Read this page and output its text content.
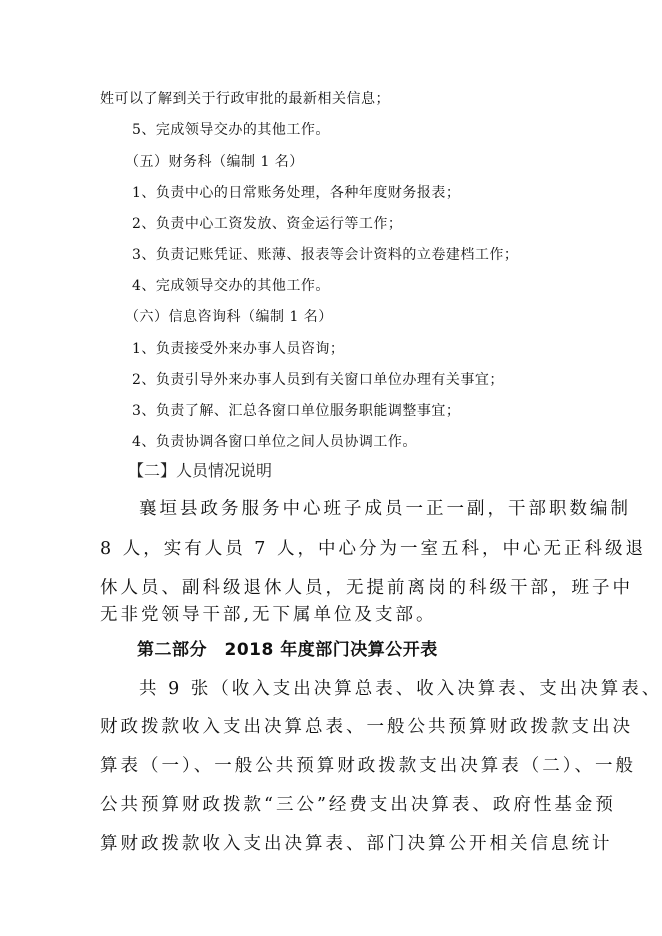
姓可以了解到关于行政审批的最新相关信息；

5、完成领导交办的其他工作。

（五）财务科（编制 1 名）

1、负责中心的日常账务处理，各种年度财务报表；

2、负责中心工资发放、资金运行等工作；

3、负责记账凭证、账薄、报表等会计资料的立卷建档工作；

4、完成领导交办的其他工作。

（六）信息咨询科（编制 1 名）

1、负责接受外来办事人员咨询；

2、负责引导外来办事人员到有关窗口单位办理有关事宜；

3、负责了解、汇总各窗口单位服务职能调整事宜；

4、负责协调各窗口单位之间人员协调工作。

【二】人员情况说明

襄垣县政务服务中心班子成员一正一副，干部职数编制

8 人，实有人员 7 人，中心分为一室五科，中心无正科级退

休人员、副科级退休人员，无提前离岗的科级干部，班子中

无非党领导干部,无下属单位及支部。

第二部分　2018 年度部门决算公开表

共 9 张（收入支出决算总表、收入决算表、支出决算表、

财政拨款收入支出决算总表、一般公共预算财政拨款支出决

算表（一）、一般公共预算财政拨款支出决算表（二）、一般

公共预算财政拨款“三公”经费支出决算表、政府性基金预

算财政拨款收入支出决算表、部门决算公开相关信息统计
